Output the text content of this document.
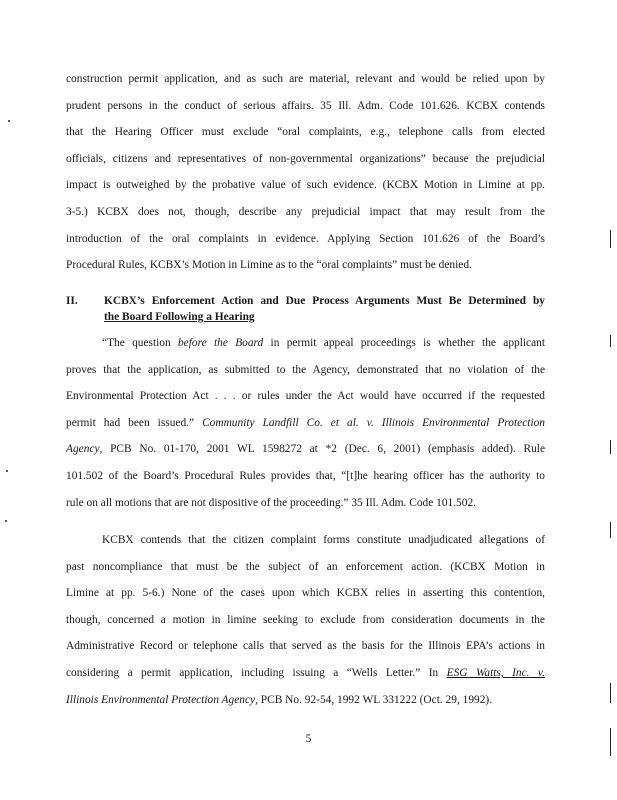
construction permit application, and as such are material, relevant and would be relied upon by
prudent persons in the conduct of serious affairs. 35 Ill. Adm. Code 101.626. KCBX contends
that the Hearing Officer must exclude “oral complaints, e.g., telephone calls from elected
officials, citizens and representatives of non-governmental organizations” because the prejudicial
impact is outweighed by the probative value of such evidence. (KCBX Motion in Limine at pp.
3-5.) KCBX does not, though, describe any prejudicial impact that may result from the
introduction of the oral complaints in evidence. Applying Section 101.626 of the Board’s
Procedural Rules, KCBX’s Motion in Limine as to the “oral complaints” must be denied.
II. KCBX’s Enforcement Action and Due Process Arguments Must Be Determined by
the Board Following a Hearing
“The question before the Board in permit appeal proceedings is whether the applicant
proves that the application, as submitted to the Agency, demonstrated that no violation of the
Environmental Protection Act . . . or rules under the Act would have occurred if the requested
permit had been issued.” Community Landfill Co. et al. v. Illinois Environmental Protection
Agency, PCB No. 01-170, 2001 WL 1598272 at *2 (Dec. 6, 2001) (emphasis added). Rule
101.502 of the Board’s Procedural Rules provides that, “[t]he hearing officer has the authority to
rule on all motions that are not dispositive of the proceeding.” 35 Ill. Adm. Code 101.502.
KCBX contends that the citizen complaint forms constitute unadjudicated allegations of
past noncompliance that must be the subject of an enforcement action. (KCBX Motion in
Limine at pp. 5-6.) None of the cases upon which KCBX relies in asserting this contention,
though, concerned a motion in limine seeking to exclude from consideration documents in the
Administrative Record or telephone calls that served as the basis for the Illinois EPA’s actions in
considering a permit application, including issuing a “Wells Letter.” In ESG Watts, Inc. v.
Illinois Environmental Protection Agency, PCB No. 92-54, 1992 WL 331222 (Oct. 29, 1992).
5
